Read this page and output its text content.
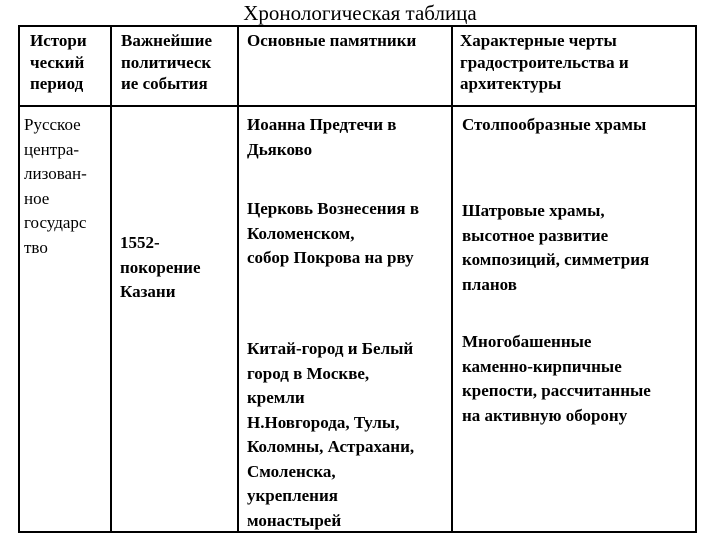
Хронологическая таблица
Истори
ческий
период
Важнейшие
политическ
ие события
Основные памятники	Характерные черты
градостроительства и
архитектуры
Русское
центра-
лизован-
ное
государс
тво	1552-
покорение
Казани
Иоанна Предтечи в
Дьяково
Столпообразные храмы
Церковь Вознесения в
Коломенском,
собор Покрова на рву
Шатровые храмы,
высотное развитие
композиций, симметрия
планов
Китай-город и Белый
город в Москве,
кремли
Н.Новгорода, Тулы,
Коломны, Астрахани,
Смоленска,
укрепления
монастырей
Многобашенные
каменно-кирпичные
крепости, рассчитанные
на активную оборону
